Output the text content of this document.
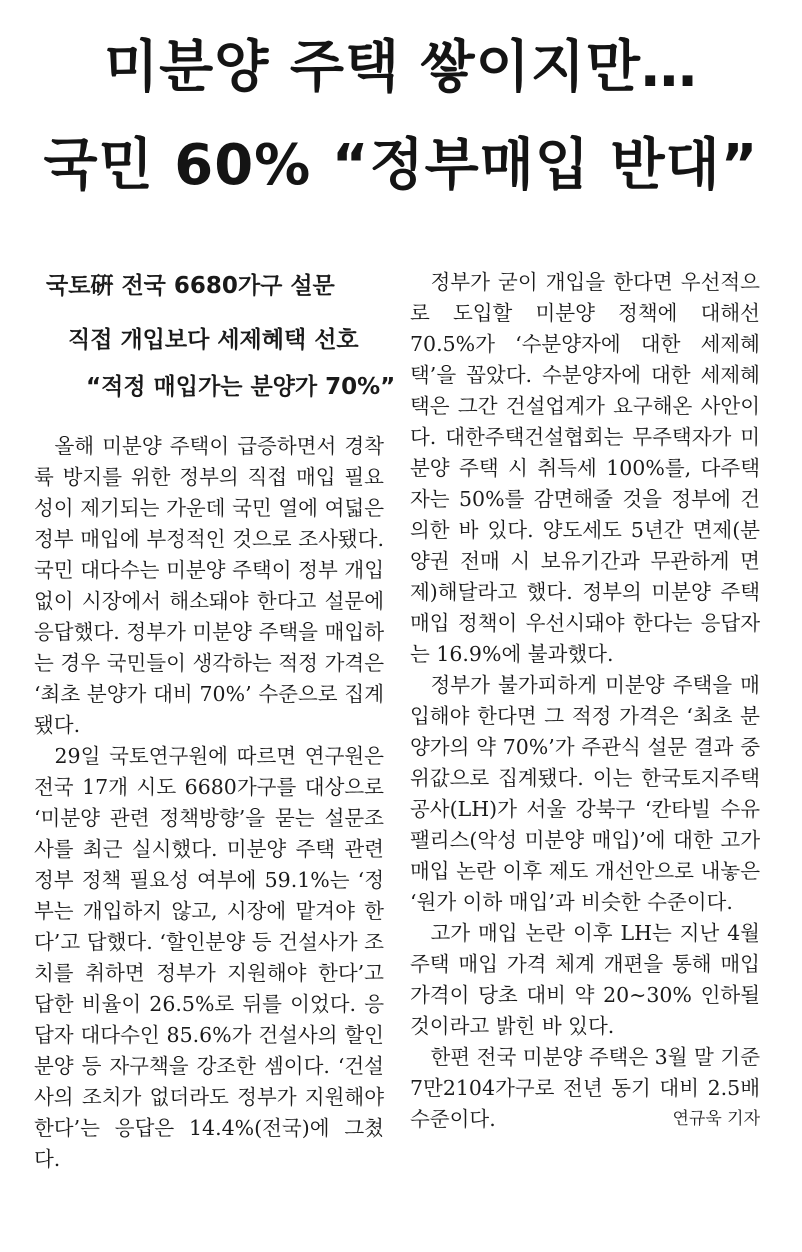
미분양 주택 쌓이지만…
국민 60% “정부매입 반대”
국토硏 전국 6680가구 설문
직접 개입보다 세제혜택 선호
“적정 매입가는 분양가 70%”

올해 미분양 주택이 급증하면서 경착륙 방지를 위한 정부의 직접 매입 필요성이 제기되는 가운데 국민 열에 여덟은 정부 매입에 부정적인 것으로 조사됐다. 국민 대다수는 미분양 주택이 정부 개입 없이 시장에서 해소돼야 한다고 설문에 응답했다. 정부가 미분양 주택을 매입하는 경우 국민들이 생각하는 적정 가격은 ‘최초 분양가 대비 70%’ 수준으로 집계됐다.

29일 국토연구원에 따르면 연구원은 전국 17개 시도 6680가구를 대상으로 ‘미분양 관련 정책방향’을 묻는 설문조사를 최근 실시했다. 미분양 주택 관련 정부 정책 필요성 여부에 59.1%는 ‘정부는 개입하지 않고, 시장에 맡겨야 한다’고 답했다. ‘할인분양 등 건설사가 조치를 취하면 정부가 지원해야 한다’고 답한 비율이 26.5%로 뒤를 이었다. 응답자 대다수인 85.6%가 건설사의 할인분양 등 자구책을 강조한 셈이다. ‘건설사의 조치가 없더라도 정부가 지원해야 한다’는 응답은 14.4%(전국)에 그쳤다.

정부가 굳이 개입을 한다면 우선적으로 도입할 미분양 정책에 대해선 70.5%가 ‘수분양자에 대한 세제혜택’을 꼽았다. 수분양자에 대한 세제혜택은 그간 건설업계가 요구해온 사안이다. 대한주택건설협회는 무주택자가 미분양 주택 시 취득세 100%를, 다주택자는 50%를 감면해줄 것을 정부에 건의한 바 있다. 양도세도 5년간 면제(분양권 전매 시 보유기간과 무관하게 면제)해달라고 했다. 정부의 미분양 주택 매입 정책이 우선시돼야 한다는 응답자는 16.9%에 불과했다.

정부가 불가피하게 미분양 주택을 매입해야 한다면 그 적정 가격은 ‘최초 분양가의 약 70%’가 주관식 설문 결과 중위값으로 집계됐다. 이는 한국토지주택공사(LH)가 서울 강북구 ‘칸타빌 수유팰리스(악성 미분양 매입)’에 대한 고가 매입 논란 이후 제도 개선안으로 내놓은 ‘원가 이하 매입’과 비슷한 수준이다.

고가 매입 논란 이후 LH는 지난 4월 주택 매입 가격 체계 개편을 통해 매입 가격이 당초 대비 약 20∼30% 인하될 것이라고 밝힌 바 있다.

한편 전국 미분양 주택은 3월 말 기준 7만2104가구로 전년 동기 대비 2.5배 수준이다.	연규욱 기자
